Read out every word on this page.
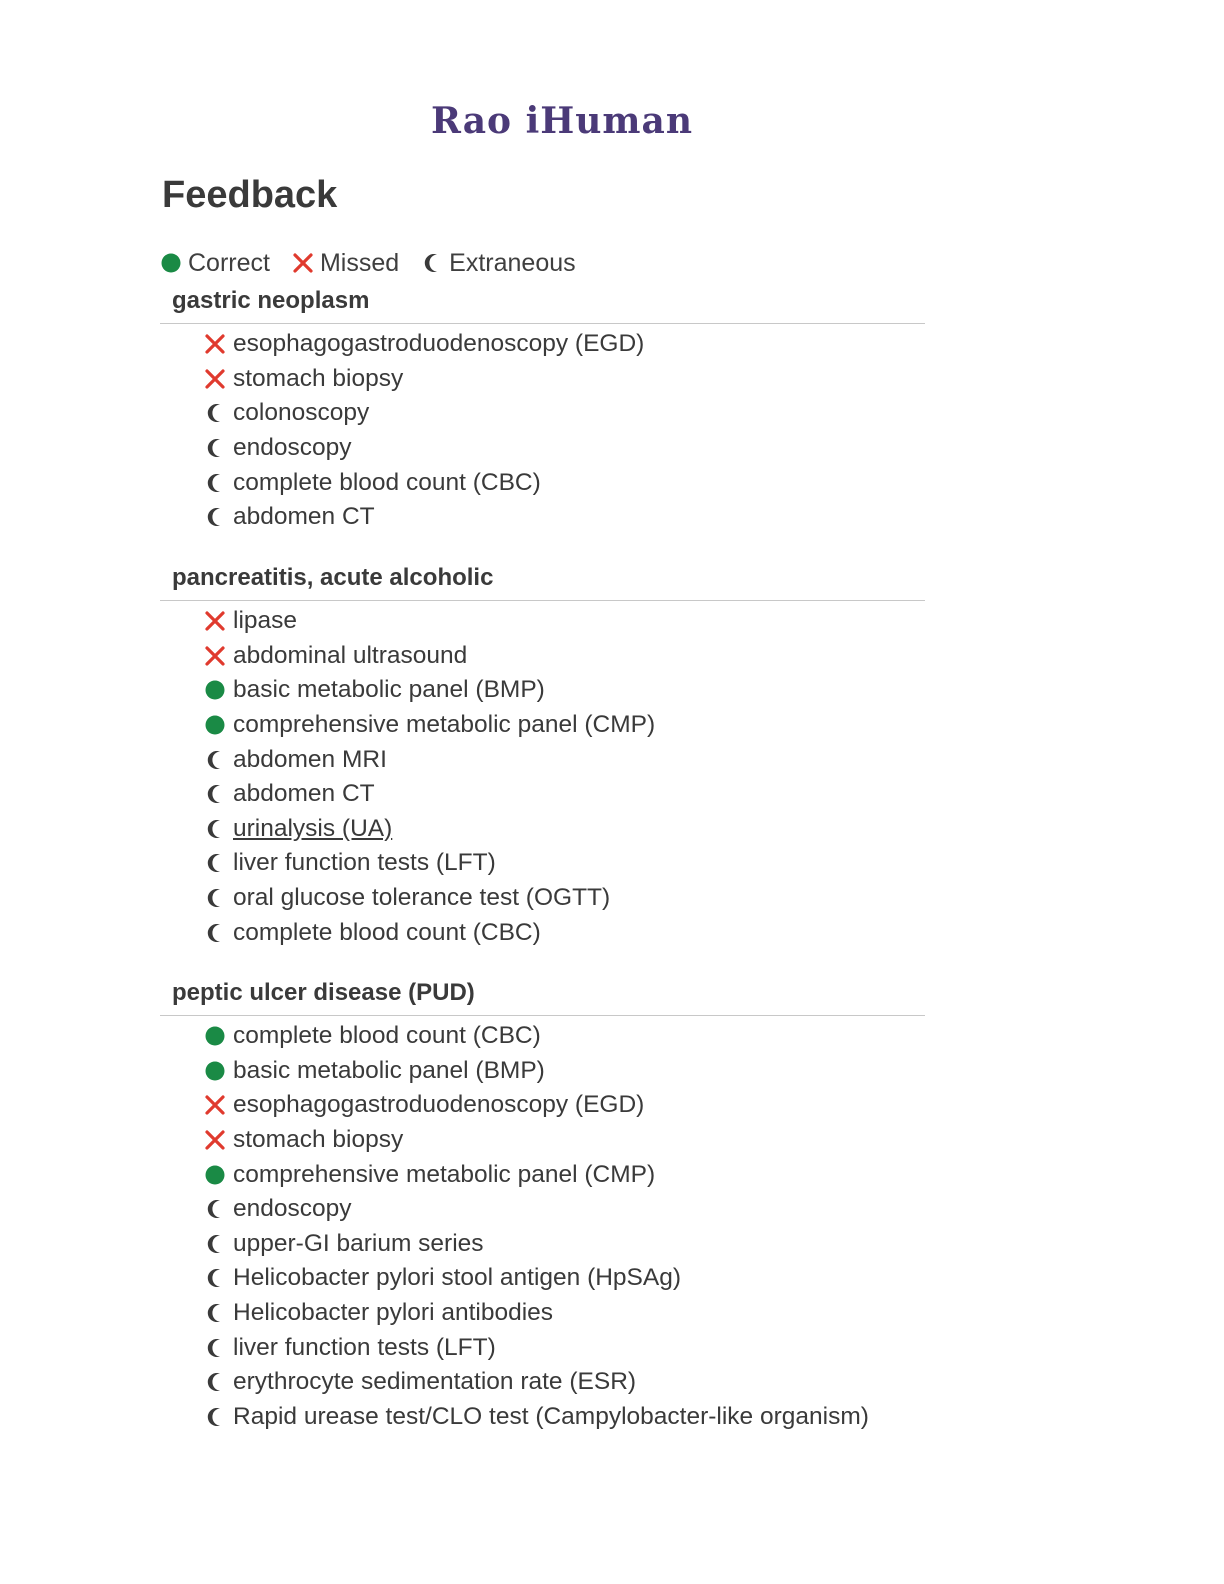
Rao iHuman
Feedback
Correct Missed Extraneous
gastric neoplasm
esophagogastroduodenoscopy (EGD)
stomach biopsy
colonoscopy
endoscopy
complete blood count (CBC)
abdomen CT
pancreatitis, acute alcoholic
lipase
abdominal ultrasound
basic metabolic panel (BMP)
comprehensive metabolic panel (CMP)
abdomen MRI
abdomen CT
urinalysis (UA)
liver function tests (LFT)
oral glucose tolerance test (OGTT)
complete blood count (CBC)
peptic ulcer disease (PUD)
complete blood count (CBC)
basic metabolic panel (BMP)
esophagogastroduodenoscopy (EGD)
stomach biopsy
comprehensive metabolic panel (CMP)
endoscopy
upper-GI barium series
Helicobacter pylori stool antigen (HpSAg)
Helicobacter pylori antibodies
liver function tests (LFT)
erythrocyte sedimentation rate (ESR)
Rapid urease test/CLO test (Campylobacter-like organism)
